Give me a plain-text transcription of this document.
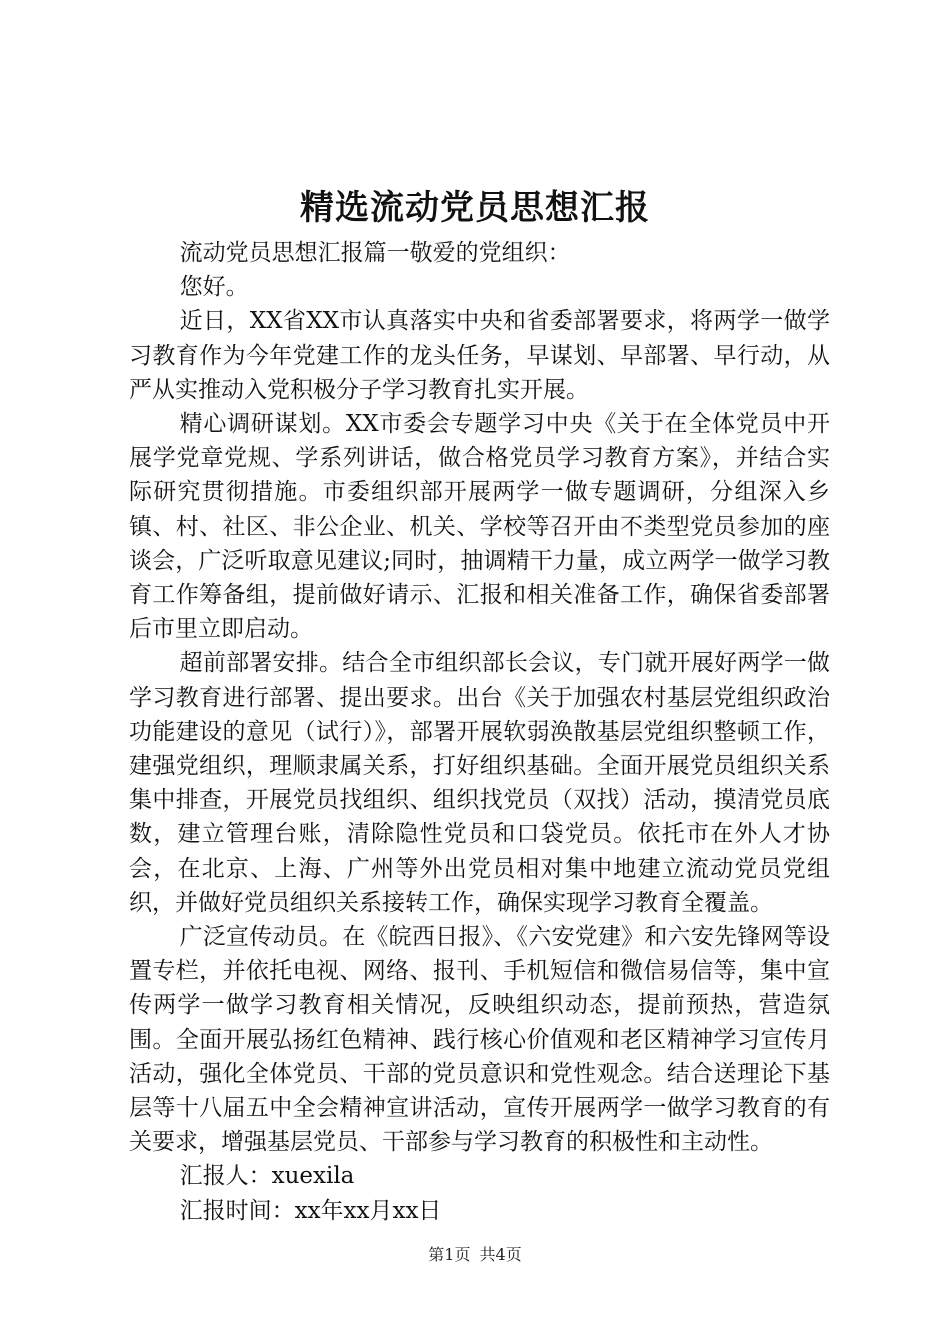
精选流动党员思想汇报

流动党员思想汇报篇一敬爱的党组织：

您好。

近日，XX省XX市认真落实中央和省委部署要求，将两学一做学习教育作为今年党建工作的龙头任务，早谋划、早部署、早行动，从严从实推动入党积极分子学习教育扎实开展。

精心调研谋划。XX市委会专题学习中央《关于在全体党员中开展学党章党规、学系列讲话，做合格党员学习教育方案》，并结合实际研究贯彻措施。市委组织部开展两学一做专题调研，分组深入乡镇、村、社区、非公企业、机关、学校等召开由不类型党员参加的座谈会，广泛听取意见建议;同时，抽调精干力量，成立两学一做学习教育工作筹备组，提前做好请示、汇报和相关准备工作，确保省委部署后市里立即启动。

超前部署安排。结合全市组织部长会议，专门就开展好两学一做学习教育进行部署、提出要求。出台《关于加强农村基层党组织政治功能建设的意见（试行）》，部署开展软弱涣散基层党组织整顿工作，建强党组织，理顺隶属关系，打好组织基础。全面开展党员组织关系集中排查，开展党员找组织、组织找党员（双找）活动，摸清党员底数，建立管理台账，清除隐性党员和口袋党员。依托市在外人才协会，在北京、上海、广州等外出党员相对集中地建立流动党员党组织，并做好党员组织关系接转工作，确保实现学习教育全覆盖。

广泛宣传动员。在《皖西日报》、《六安党建》和六安先锋网等设置专栏，并依托电视、网络、报刊、手机短信和微信易信等，集中宣传两学一做学习教育相关情况，反映组织动态，提前预热，营造氛围。全面开展弘扬红色精神、践行核心价值观和老区精神学习宣传月活动，强化全体党员、干部的党员意识和党性观念。结合送理论下基层等十八届五中全会精神宣讲活动，宣传开展两学一做学习教育的有关要求，增强基层党员、干部参与学习教育的积极性和主动性。

汇报人：xuexila

汇报时间：xx年xx月xx日

第1页 共4页
